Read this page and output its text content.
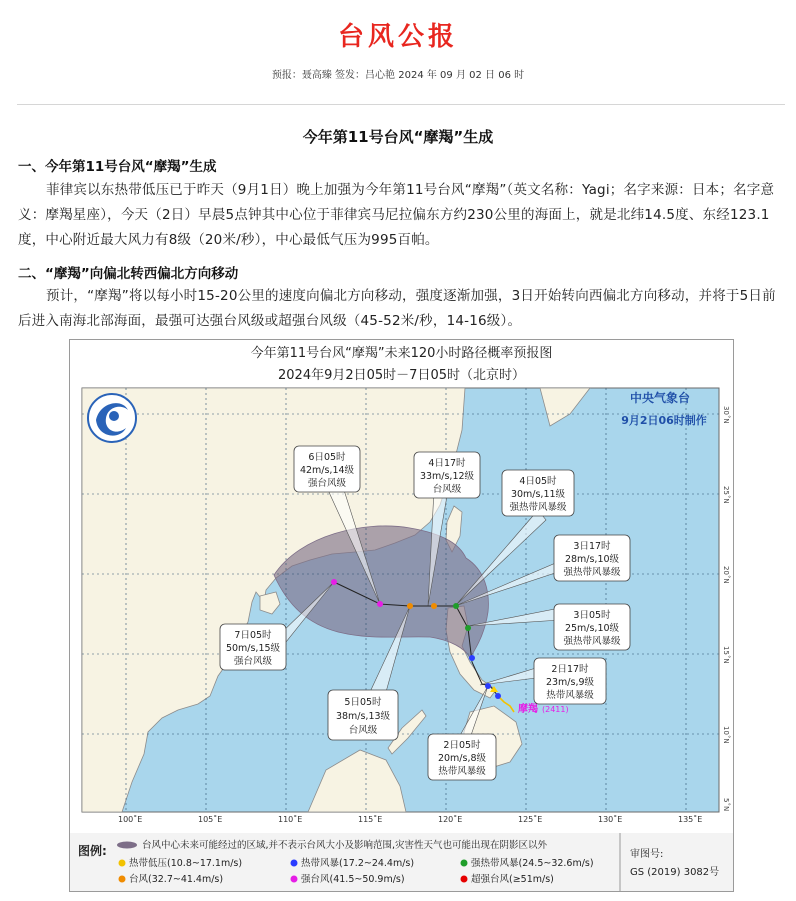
台风公报
预报：聂高臻 签发：吕心艳 2024 年 09 月 02 日 06 时
今年第11号台风“摩羯”生成
一、今年第11号台风“摩羯”生成
菲律宾以东热带低压已于昨天（9月1日）晚上加强为今年第11号台风“摩羯”（英文名称：Yagi；名字来源：日本；名字意义：摩羯星座），今天（2日）早晨5点钟其中心位于菲律宾马尼拉偏东方约230公里的海面上，就是北纬14.5度、东经123.1度，中心附近最大风力有8级（20米/秒），中心最低气压为995百帕。
二、“摩羯”向偏北转西偏北方向移动
预计，“摩羯”将以每小时15-20公里的速度向偏北方向移动，强度逐渐加强，3日开始转向西偏北方向移动，并将于5日前后进入南海北部海面，最强可达强台风级或超强台风级（45-52米/秒，14-16级）。
今年第11号台风“摩羯”未来120小时路径概率预报图
2024年9月2日05时－7日05时（北京时）
100˚E	105˚E	110˚E	115˚E	120˚E	125˚E	130˚E	135˚E
30˚N
25˚N
20˚N
15˚N
10˚N
5˚N
中央气象台
9月2日06时制作
摩羯 (2411)
6日05时
42m/s,14级
强台风级
4日17时
33m/s,12级
台风级
4日05时
30m/s,11级
强热带风暴级
3日17时
28m/s,10级
强热带风暴级
3日05时
25m/s,10级
强热带风暴级
2日17时
23m/s,9级
热带风暴级
7日05时
50m/s,15级
强台风级
5日05时
38m/s,13级
台风级
2日05时
20m/s,8级
热带风暴级
图例:	台风中心未来可能经过的区域,并不表示台风大小及影响范围,灾害性天气也可能出现在阴影区以外
热带低压(10.8~17.1m/s)	热带风暴(17.2~24.4m/s)	强热带风暴(24.5~32.6m/s)
台风(32.7~41.4m/s)	强台风(41.5~50.9m/s)	超强台风(≥51m/s)
审图号:
GS (2019) 3082号
